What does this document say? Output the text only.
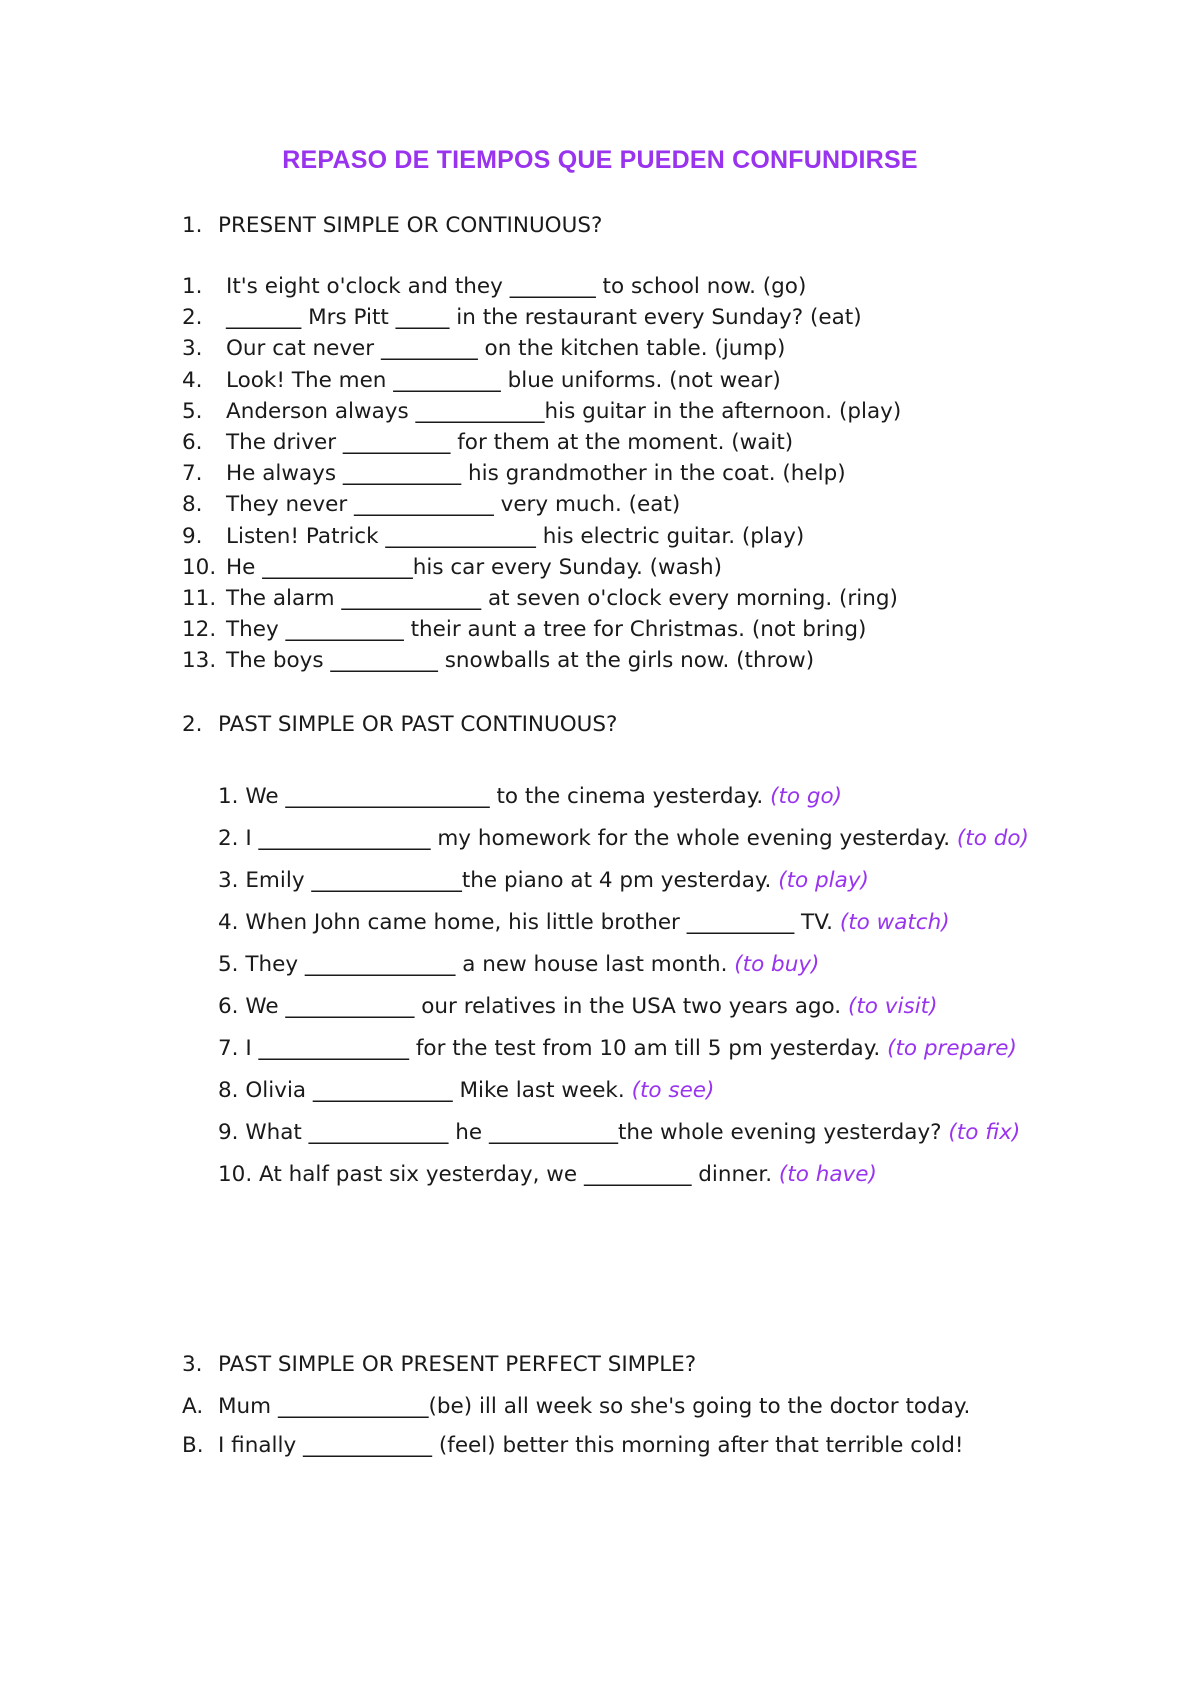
REPASO DE TIEMPOS QUE PUEDEN CONFUNDIRSE
1. PRESENT SIMPLE OR CONTINUOUS?
1. It's eight o'clock and they ________ to school now. (go)
2. _______ Mrs Pitt _____ in the restaurant every Sunday? (eat)
3. Our cat never _________ on the kitchen table. (jump)
4. Look! The men __________ blue uniforms. (not wear)
5. Anderson always ____________his guitar in the afternoon. (play)
6. The driver __________ for them at the moment. (wait)
7. He always ___________ his grandmother in the coat. (help)
8. They never _____________ very much. (eat)
9. Listen! Patrick ______________ his electric guitar. (play)
10. He ______________his car every Sunday. (wash)
11. The alarm _____________ at seven o'clock every morning. (ring)
12. They ___________ their aunt a tree for Christmas. (not bring)
13. The boys __________ snowballs at the girls now. (throw)
2. PAST SIMPLE OR PAST CONTINUOUS?
1. We ___________________ to the cinema yesterday. (to go)
2. I ________________ my homework for the whole evening yesterday. (to do)
3. Emily ______________the piano at 4 pm yesterday. (to play)
4. When John came home, his little brother __________ TV. (to watch)
5. They ______________ a new house last month. (to buy)
6. We ____________ our relatives in the USA two years ago. (to visit)
7. I ______________ for the test from 10 am till 5 pm yesterday. (to prepare)
8. Olivia _____________ Mike last week. (to see)
9. What _____________ he ____________the whole evening yesterday? (to fix)
10. At half past six yesterday, we __________ dinner. (to have)
3. PAST SIMPLE OR PRESENT PERFECT SIMPLE?
A. Mum ______________(be) ill all week so she's going to the doctor today.
B. I finally ____________ (feel) better this morning after that terrible cold!
